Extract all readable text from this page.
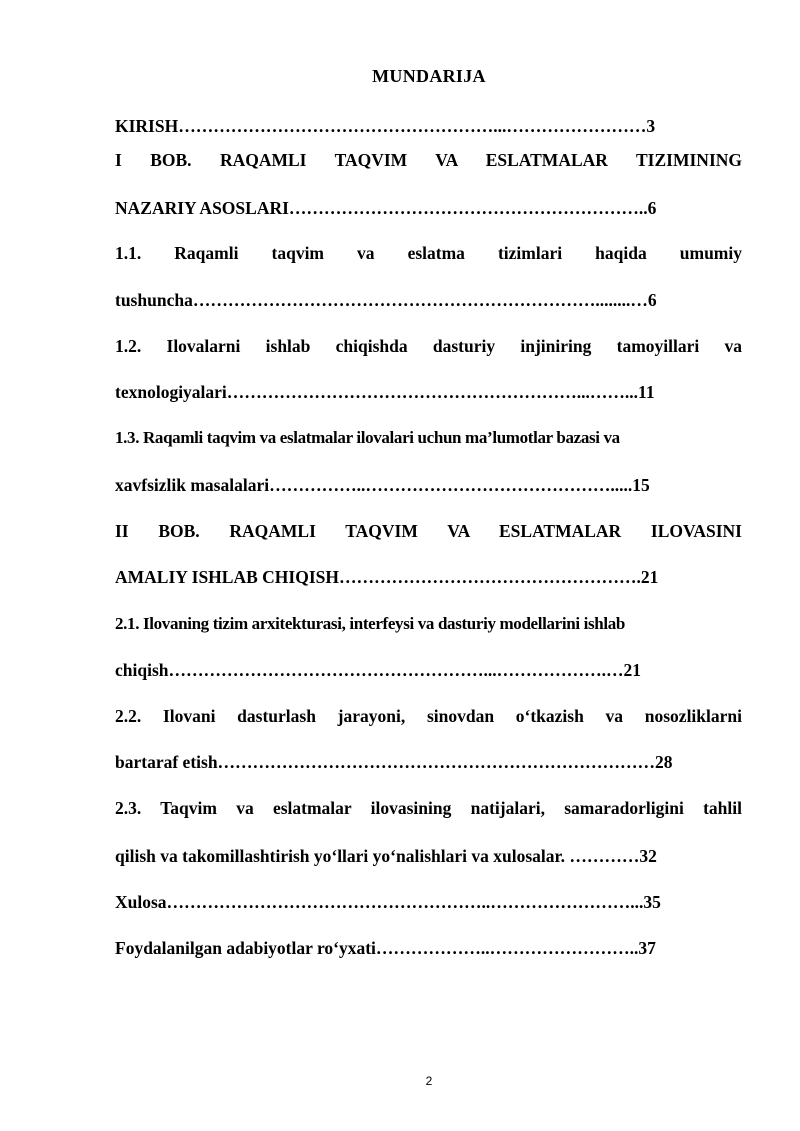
MUNDARIJA
KIRISH………………………………………………...……………………3
I BOB. RAQAMLI TAQVIM VA ESLATMALAR TIZIMINING
NAZARIY ASOSLARI……………………………………………………..6
1.1. Raqamli taqvim va eslatma tizimlari haqida umumiy
tushuncha……………………………………………………………........…6
1.2. Ilovalarni ishlab chiqishda dasturiy injiniring tamoyillari va
texnologiyalari……………………………………………………...……...11
1.3. Raqamli taqvim va eslatmalar ilovalari uchun ma’lumotlar bazasi va
xavfsizlik masalalari……………..…………………………………….....15
II BOB. RAQAMLI TAQVIM VA ESLATMALAR ILOVASINI
AMALIY ISHLAB CHIQISH…………………………………………….21
2.1. Ilovaning tizim arxitekturasi, interfeysi va dasturiy modellarini ishlab
chiqish………………………………………………...……………….…21
2.2. Ilovani dasturlash jarayoni, sinovdan o‘tkazish va nosozliklarni
bartaraf etish…………………………………………………………………28
2.3. Taqvim va eslatmalar ilovasining natijalari, samaradorligini tahlil
qilish va takomillashtirish yo‘llari yo‘nalishlari va xulosalar. …………32
Xulosa………………………………………………..……………………...35
Foydalanilgan adabiyotlar ro‘yxati………………..……………………..37
2
